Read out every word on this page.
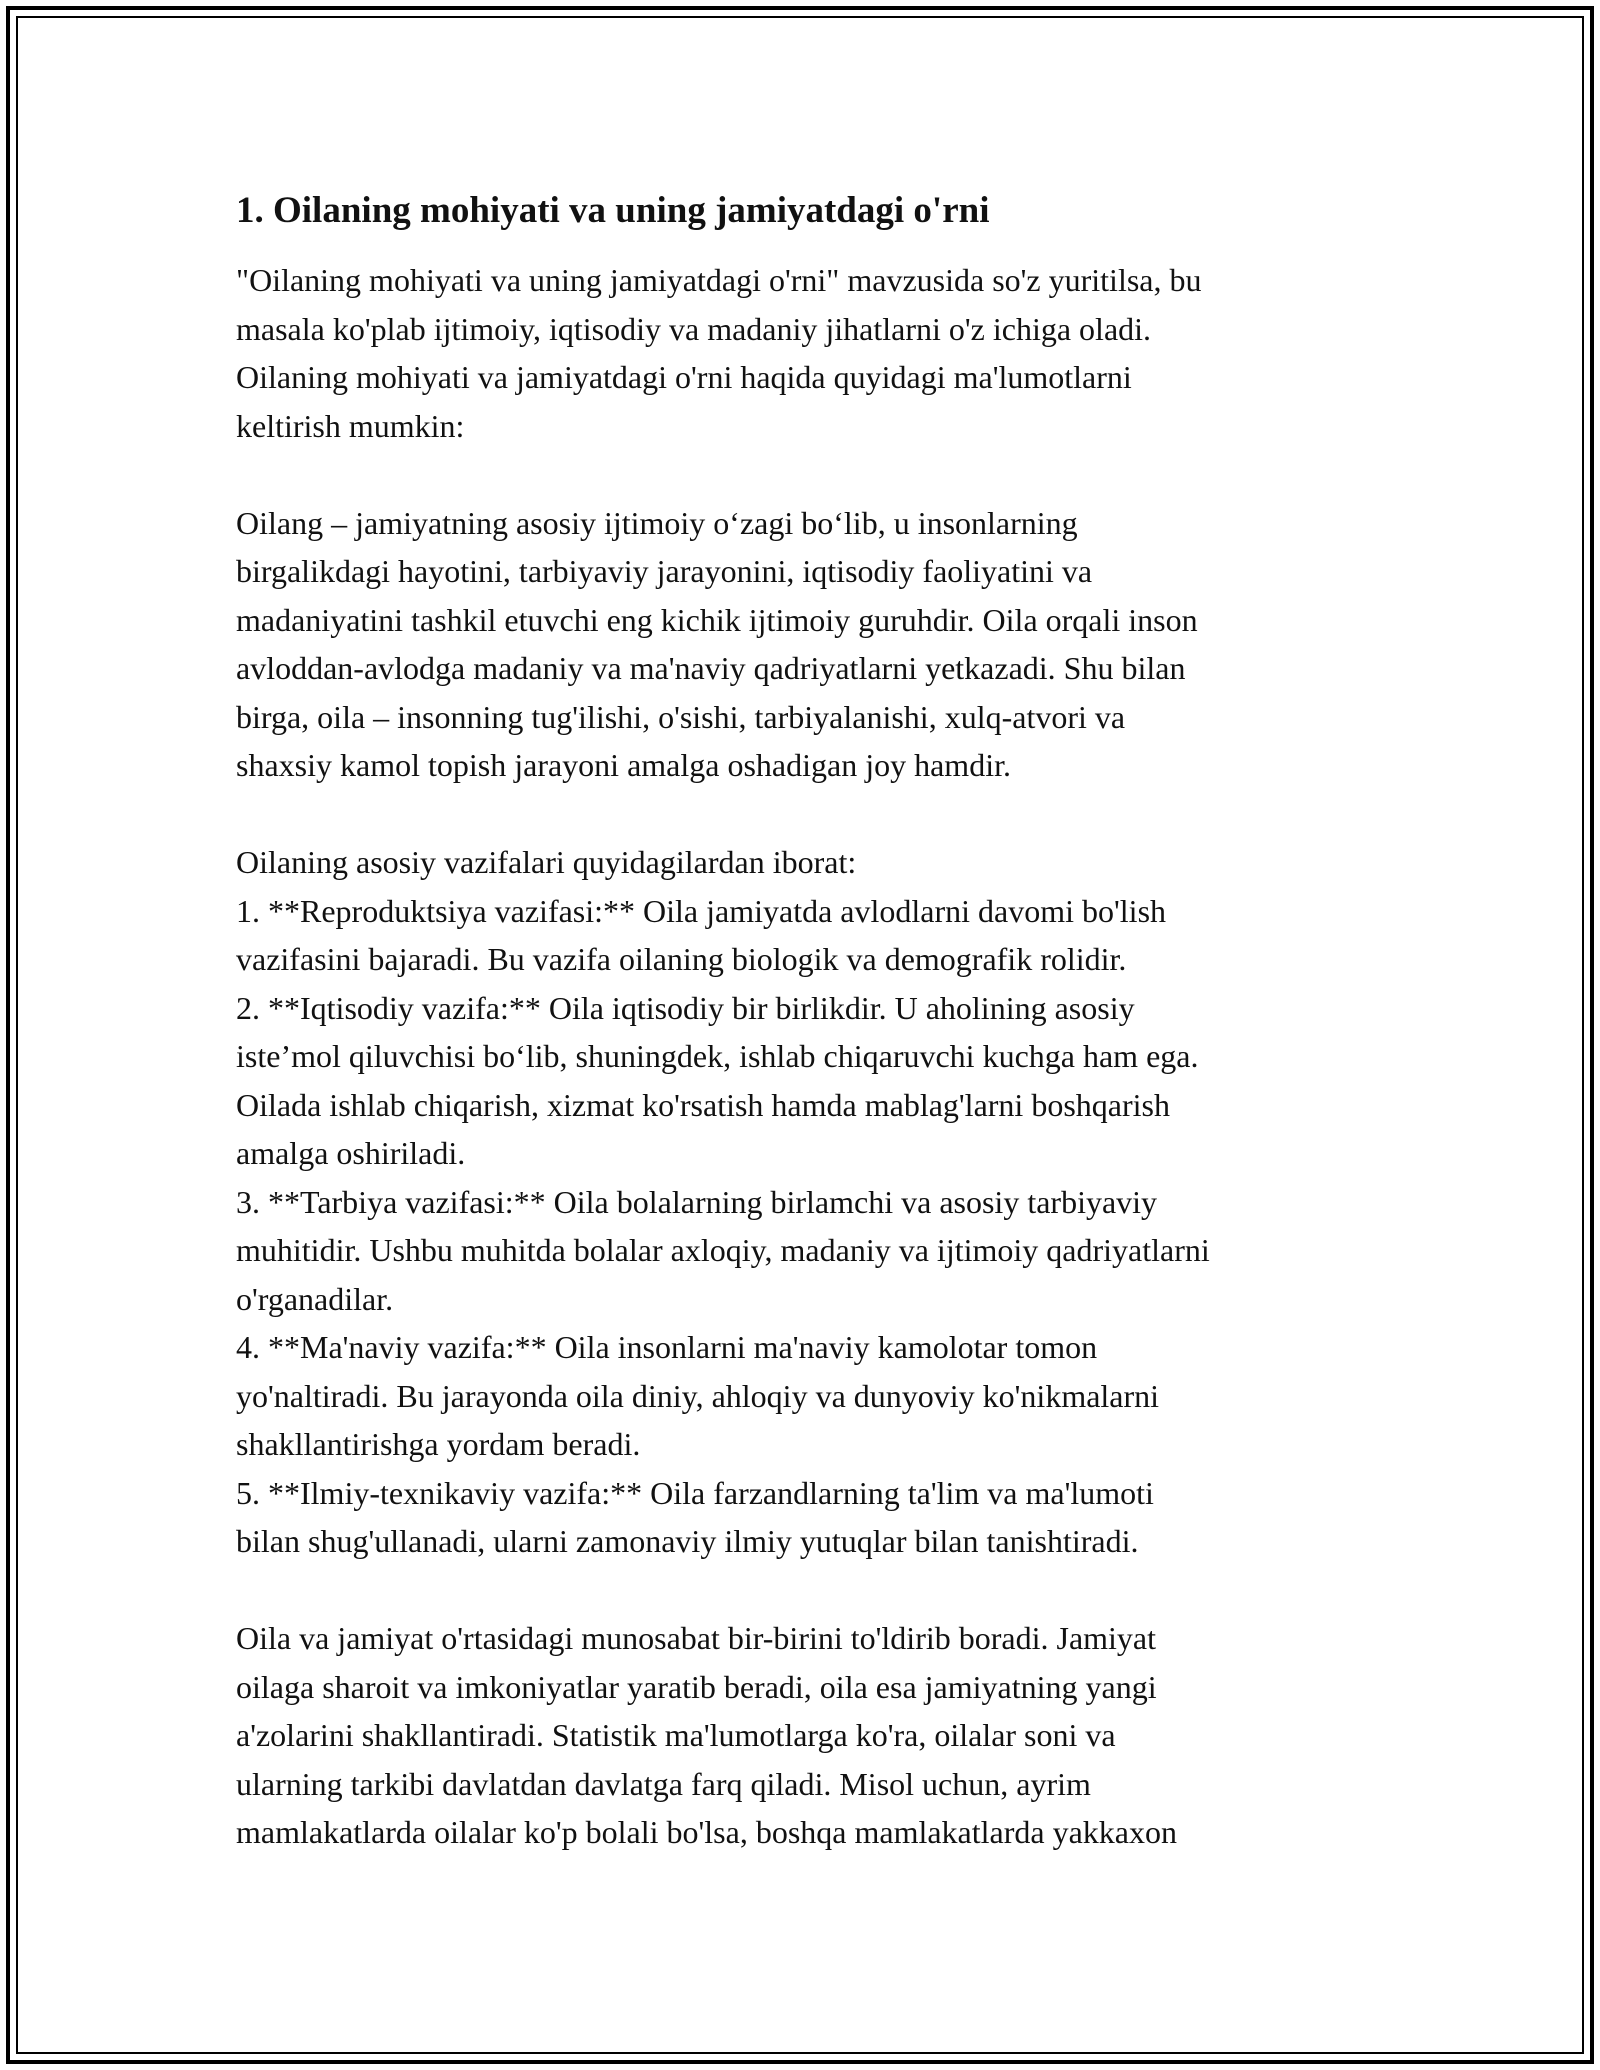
1. Oilaning mohiyati va uning jamiyatdagi o'rni

"Oilaning mohiyati va uning jamiyatdagi o'rni" mavzusida so'z yuritilsa, bu
masala ko'plab ijtimoiy, iqtisodiy va madaniy jihatlarni o'z ichiga oladi.
Oilaning mohiyati va jamiyatdagi o'rni haqida quyidagi ma'lumotlarni
keltirish mumkin:

Oilang – jamiyatning asosiy ijtimoiy o‘zagi bo‘lib, u insonlarning
birgalikdagi hayotini, tarbiyaviy jarayonini, iqtisodiy faoliyatini va
madaniyatini tashkil etuvchi eng kichik ijtimoiy guruhdir. Oila orqali inson
avloddan-avlodga madaniy va ma'naviy qadriyatlarni yetkazadi. Shu bilan
birga, oila – insonning tug'ilishi, o'sishi, tarbiyalanishi, xulq-atvori va
shaxsiy kamol topish jarayoni amalga oshadigan joy hamdir.

Oilaning asosiy vazifalari quyidagilardan iborat:
1. **Reproduktsiya vazifasi:** Oila jamiyatda avlodlarni davomi bo'lish
vazifasini bajaradi. Bu vazifa oilaning biologik va demografik rolidir.
2. **Iqtisodiy vazifa:** Oila iqtisodiy bir birlikdir. U aholining asosiy
iste’mol qiluvchisi bo‘lib, shuningdek, ishlab chiqaruvchi kuchga ham ega.
Oilada ishlab chiqarish, xizmat ko'rsatish hamda mablag'larni boshqarish
amalga oshiriladi.
3. **Tarbiya vazifasi:** Oila bolalarning birlamchi va asosiy tarbiyaviy
muhitidir. Ushbu muhitda bolalar axloqiy, madaniy va ijtimoiy qadriyatlarni
o'rganadilar.
4. **Ma'naviy vazifa:** Oila insonlarni ma'naviy kamolotar tomon
yo'naltiradi. Bu jarayonda oila diniy, ahloqiy va dunyoviy ko'nikmalarni
shakllantirishga yordam beradi.
5. **Ilmiy-texnikaviy vazifa:** Oila farzandlarning ta'lim va ma'lumoti
bilan shug'ullanadi, ularni zamonaviy ilmiy yutuqlar bilan tanishtiradi.

Oila va jamiyat o'rtasidagi munosabat bir-birini to'ldirib boradi. Jamiyat
oilaga sharoit va imkoniyatlar yaratib beradi, oila esa jamiyatning yangi
a'zolarini shakllantiradi. Statistik ma'lumotlarga ko'ra, oilalar soni va
ularning tarkibi davlatdan davlatga farq qiladi. Misol uchun, ayrim
mamlakatlarda oilalar ko'p bolali bo'lsa, boshqa mamlakatlarda yakkaxon
